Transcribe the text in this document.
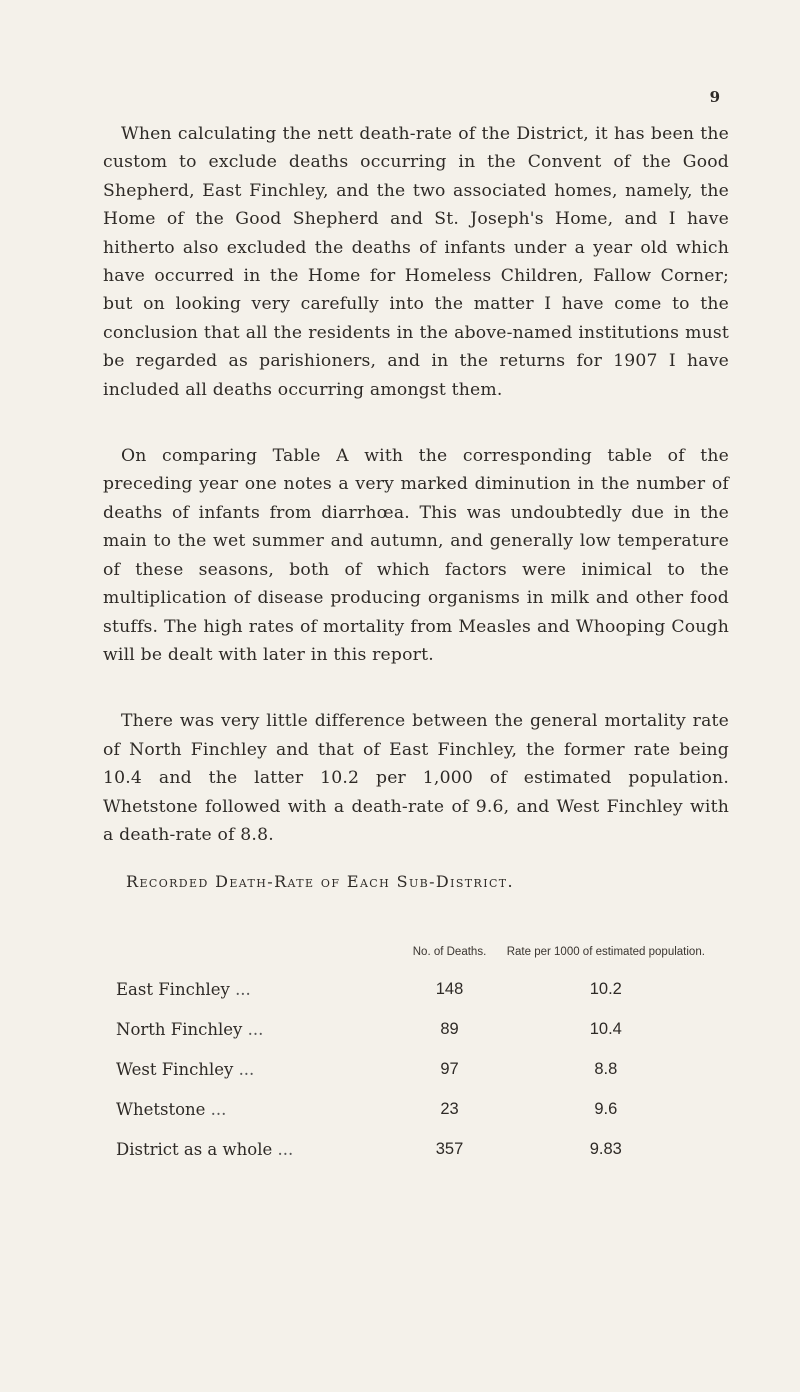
9

When calculating the nett death-rate of the District, it has been the custom to exclude deaths occurring in the Convent of the Good Shepherd, East Finchley, and the two associated homes, namely, the Home of the Good Shepherd and St. Joseph's Home, and I have hitherto also excluded the deaths of infants under a year old which have occurred in the Home for Homeless Children, Fallow Corner; but on looking very carefully into the matter I have come to the conclusion that all the residents in the above-named institutions must be regarded as parishioners, and in the returns for 1907 I have included all deaths occurring amongst them.

On comparing Table A with the corresponding table of the preceding year one notes a very marked diminution in the number of deaths of infants from diarrhœa. This was undoubtedly due in the main to the wet summer and autumn, and generally low temperature of these seasons, both of which factors were inimical to the multiplication of disease producing organisms in milk and other food stuffs. The high rates of mortality from Measles and Whooping Cough will be dealt with later in this report.

There was very little difference between the general mortality rate of North Finchley and that of East Finchley, the former rate being 10.4 and the latter 10.2 per 1,000 of estimated population. Whetstone followed with a death-rate of 9.6, and West Finchley with a death-rate of 8.8.

Recorded Death-Rate of Each Sub-District.
	No. of Deaths.	Rate per 1000 of estimated population.
East Finchley ...	148	10.2
North Finchley ...	89	10.4
West Finchley ...	97	8.8
Whetstone ...	23	9.6
District as a whole ...	357	9.83
